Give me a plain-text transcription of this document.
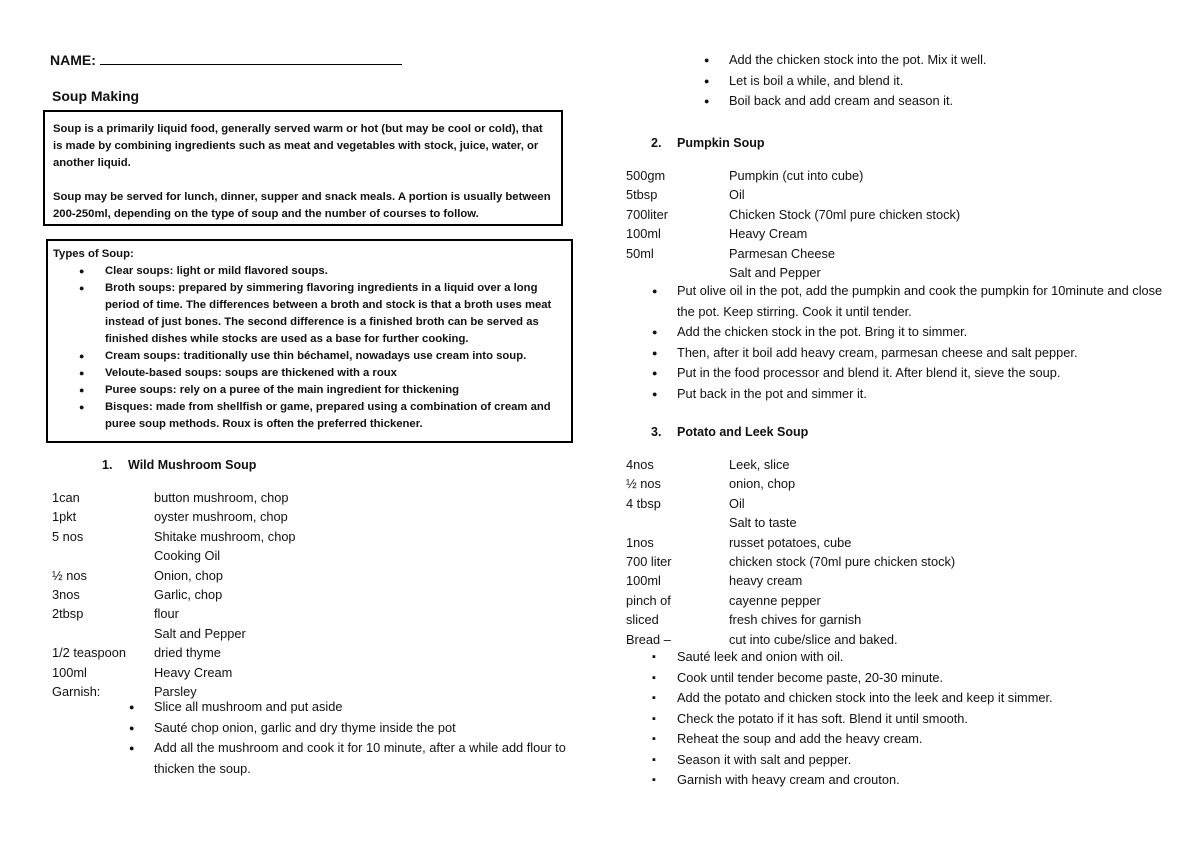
NAME:
Soup Making

Soup is a primarily liquid food, generally served warm or hot (but may be cool or cold), that is made by combining ingredients such as meat and vegetables with stock, juice, water, or another liquid.

Soup may be served for lunch, dinner, supper and snack meals. A portion is usually between 200-250ml, depending on the type of soup and the number of courses to follow.

Types of Soup:
● Clear soups: light or mild flavored soups.
● Broth soups: prepared by simmering flavoring ingredients in a liquid over a long period of time. The differences between a broth and stock is that a broth uses meat instead of just bones. The second difference is a finished broth can be served as finished dishes while stocks are used as a base for further cooking.
● Cream soups: traditionally use thin béchamel, nowadays use cream into soup.
● Veloute-based soups: soups are thickened with a roux
● Puree soups: rely on a puree of the main ingredient for thickening
● Bisques: made from shellfish or game, prepared using a combination of cream and puree soup methods. Roux is often the preferred thickener.
1. Wild Mushroom Soup
1can	button mushroom, chop
1pkt	oyster mushroom, chop
5 nos	Shitake mushroom, chop
Cooking Oil
½ nos	Onion, chop
3nos	Garlic, chop
2tbsp	flour
Salt and Pepper
1/2 teaspoon dried thyme
100ml	Heavy Cream
Garnish:	Parsley
● Slice all mushroom and put aside
● Sauté chop onion, garlic and dry thyme inside the pot
● Add all the mushroom and cook it for 10 minute, after a while add flour to thicken the soup.
● Add the chicken stock into the pot. Mix it well.
● Let is boil a while, and blend it.
● Boil back and add cream and season it.
2. Pumpkin Soup
500gm	Pumpkin (cut into cube)
5tbsp	Oil
700liter	Chicken Stock (70ml pure chicken stock)
100ml	Heavy Cream
50ml	Parmesan Cheese
Salt and Pepper
● Put olive oil in the pot, add the pumpkin and cook the pumpkin for 10minute and close the pot. Keep stirring. Cook it until tender.
● Add the chicken stock in the pot. Bring it to simmer.
● Then, after it boil add heavy cream, parmesan cheese and salt pepper.
● Put in the food processor and blend it. After blend it, sieve the soup.
● Put back in the pot and simmer it.
3. Potato and Leek Soup
4nos	Leek, slice
½ nos	onion, chop
4 tbsp	Oil
Salt to taste
1nos	russet potatoes, cube
700 liter	chicken stock (70ml pure chicken stock)
100ml	heavy cream
pinch of	cayenne pepper
sliced	fresh chives for garnish
Bread –	cut into cube/slice and baked.
▪ Sauté leek and onion with oil.
▪ Cook until tender become paste, 20-30 minute.
▪ Add the potato and chicken stock into the leek and keep it simmer.
▪ Check the potato if it has soft. Blend it until smooth.
▪ Reheat the soup and add the heavy cream.
▪ Season it with salt and pepper.
▪ Garnish with heavy cream and crouton.
